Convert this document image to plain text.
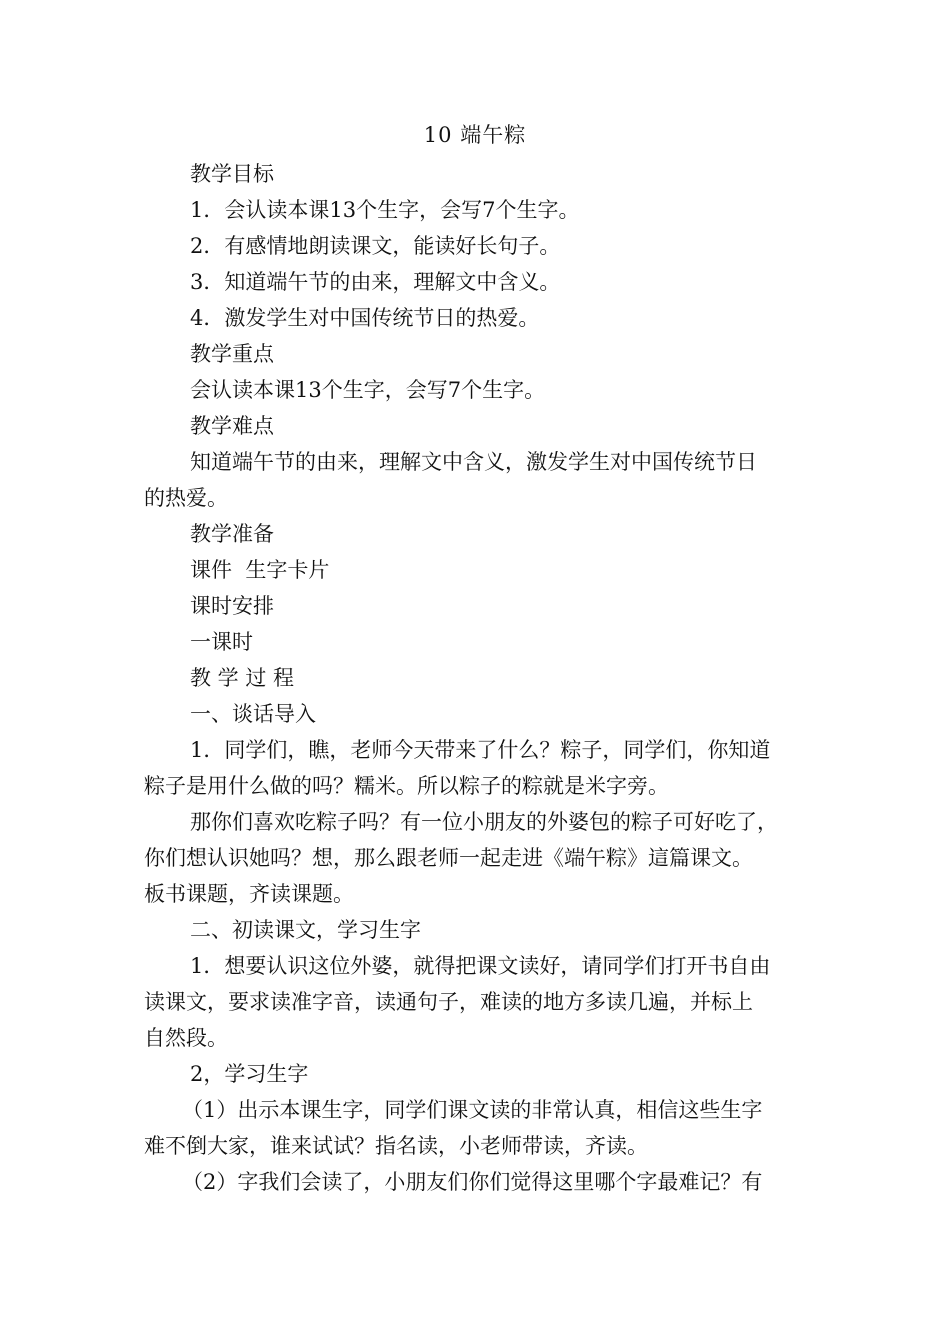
10 端午粽
教学目标
1．会认读本课13个生字，会写7个生字。
2．有感情地朗读课文，能读好长句子。
3．知道端午节的由来，理解文中含义。
4．激发学生对中国传统节日的热爱。
教学重点
会认读本课13个生字，会写7个生字。
教学难点
知道端午节的由来，理解文中含义，激发学生对中国传统节日
的热爱。
教学准备
课件  生字卡片
课时安排
一课时
教 学 过 程
一、谈话导入
1．同学们，瞧，老师今天带来了什么？粽子，同学们，你知道
粽子是用什么做的吗？糯米。所以粽子的粽就是米字旁。
那你们喜欢吃粽子吗？有一位小朋友的外婆包的粽子可好吃了，
你们想认识她吗？想，那么跟老师一起走进《端午粽》這篇课文。
板书课题，齐读课题。
二、初读课文，学习生字
1．想要认识这位外婆，就得把课文读好，请同学们打开书自由
读课文，要求读准字音，读通句子，难读的地方多读几遍，并标上
自然段。
2，学习生字
（1）出示本课生字，同学们课文读的非常认真，相信这些生字
难不倒大家，谁来试试？指名读，小老师带读，齐读。
（2）字我们会读了，小朋友们你们觉得这里哪个字最难记？有
